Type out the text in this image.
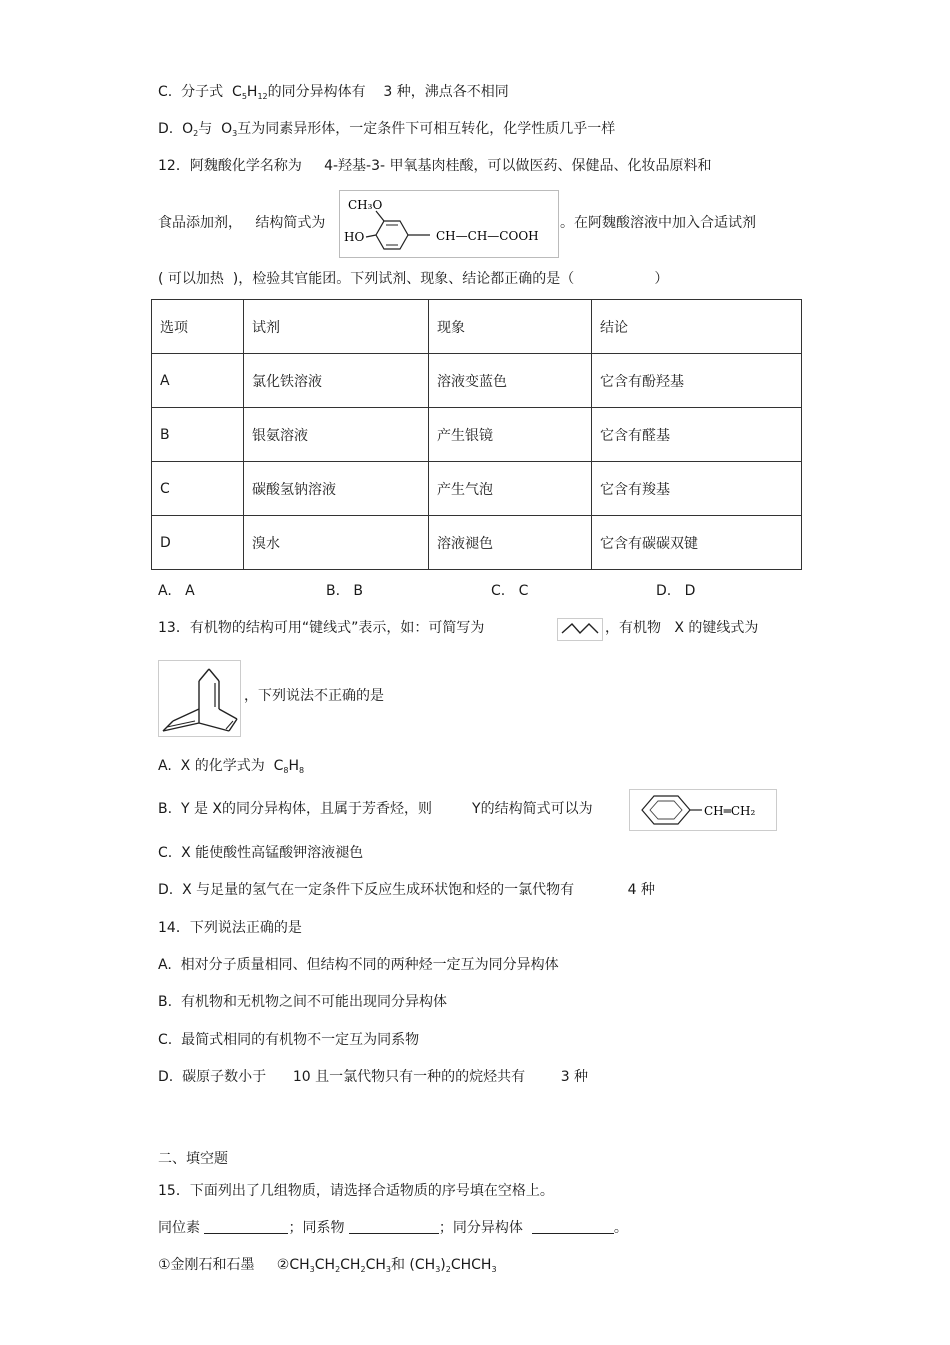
C.  分子式  $C_5H_{12}$的同分异构体有    3 种，沸点各不相同
D.  $O_2$与  $O_3$互为同素异形体，一定条件下可相互转化，化学性质几乎一样
12．阿魏酸化学名称为     4-羟基-3- 甲氧基肉桂酸，可以做医药、保健品、化妆品原料和
食品添加剂，   结构简式为
CH₃O
HO	CH—CH—COOH
。在阿魏酸溶液中加入合适试剂
( 可以加热  )，检验其官能团。下列试剂、现象、结论都正确的是（                  ）
选项	试剂	现象	结论
A	氯化铁溶液	溶液变蓝色	它含有酚羟基
B	银氨溶液	产生银镜	它含有醛基
C	碳酸氢钠溶液	产生气泡	它含有羧基
D	溴水	溶液褪色	它含有碳碳双键
A.   A	B.   B	C.   C	D.   D
13．有机物的结构可用“键线式”表示，如：可简写为	，有机物   X 的键线式为
，下列说法不正确的是
A.  X 的化学式为  $C_8H_8$
B.  Y 是 X的同分异构体，且属于芳香烃，则         Y的结构简式可以为	CH═CH₂
C.  X 能使酸性高锰酸钾溶液褪色
D.  X 与足量的氢气在一定条件下反应生成环状饱和烃的一氯代物有            4 种
14．下列说法正确的是
A.  相对分子质量相同、但结构不同的两种烃一定互为同分异构体
B.  有机物和无机物之间不可能出现同分异构体
C.  最简式相同的有机物不一定互为同系物
D.  碳原子数小于      10 且一氯代物只有一种的的烷烃共有        3 种
二、填空题
15．下面列出了几组物质，请选择合适物质的序号填在空格上。
同位素	；同系物	；同分异构体	。
①金刚石和石墨     $②CH_3CH_2CH_2CH_3$和 $(CH_3)_2CHCH_3$
